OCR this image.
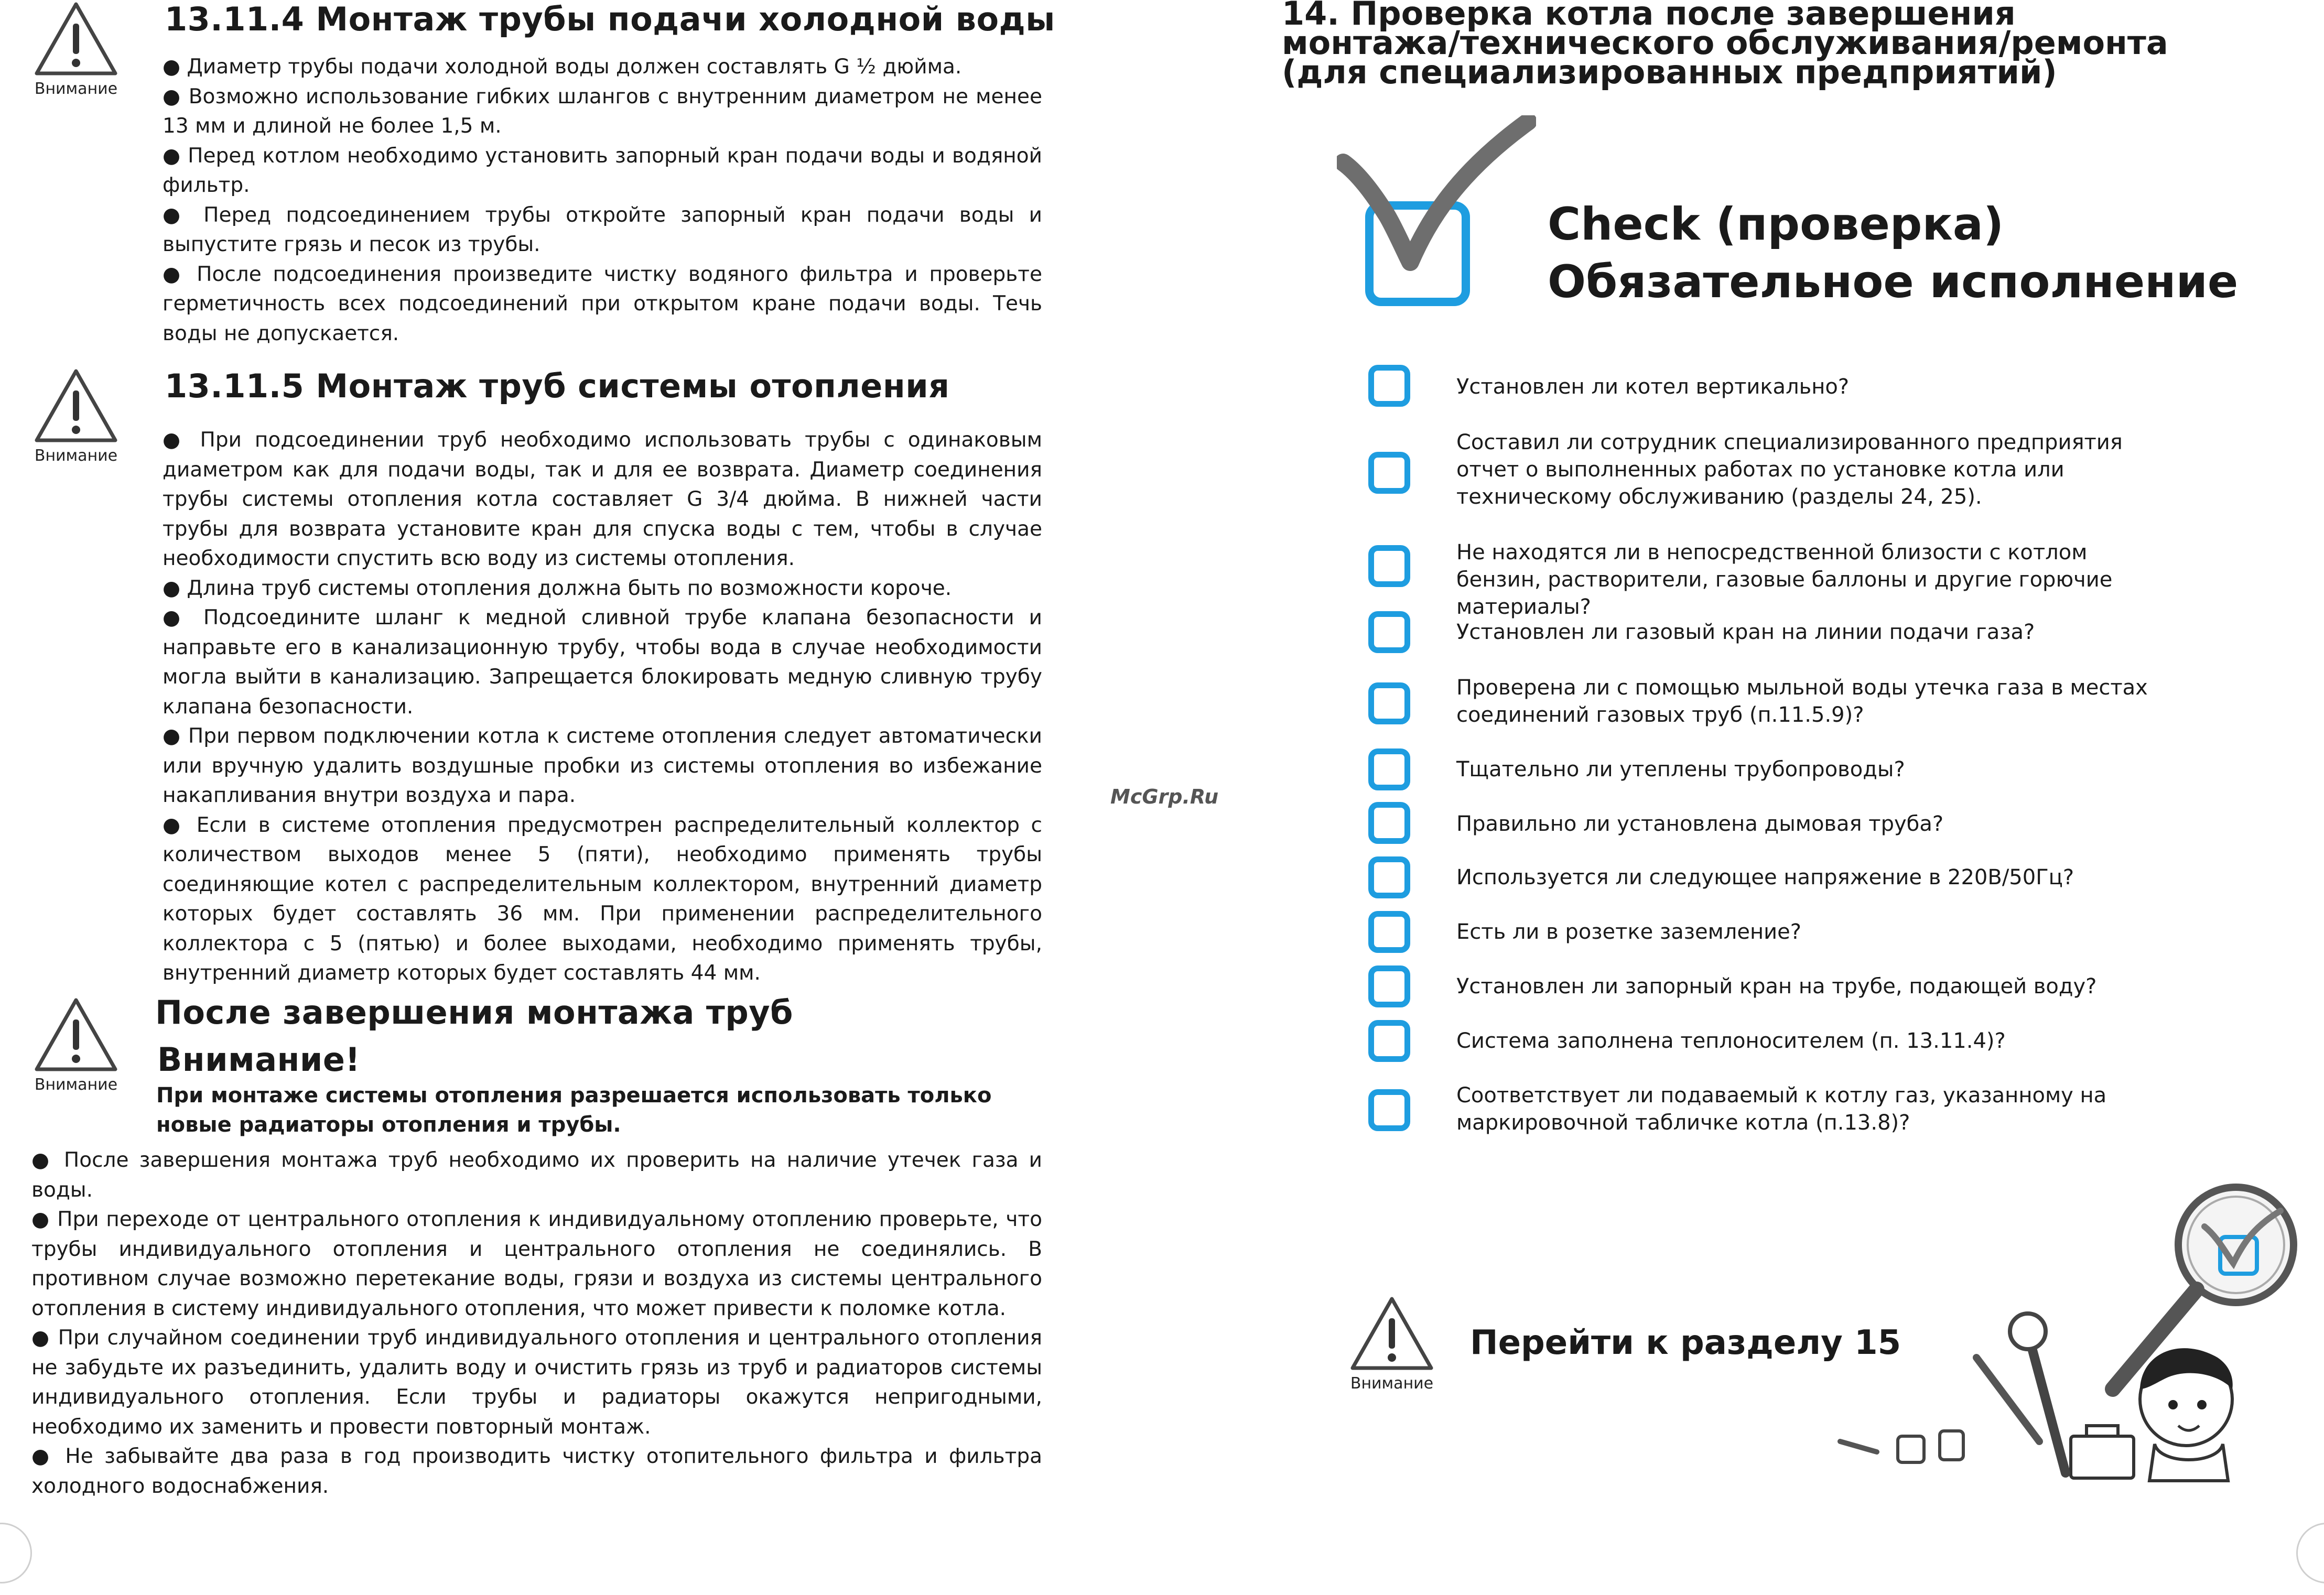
Внимание
13.11.4 Монтаж трубы подачи холодной воды

● Диаметр трубы подачи холодной воды должен составлять G ½ дюйма.

● Возможно использование гибких шлангов с внутренним диаметром не менее 13 мм и длиной не более 1,5 м.

● Перед котлом необходимо установить запорный кран подачи воды и водяной фильтр.

● Перед подсоединением трубы откройте запорный кран подачи воды и выпустите грязь и песок из трубы.

● После подсоединения произведите чистку водяного фильтра и проверьте герметичность всех подсоединений при открытом кране подачи воды. Течь воды не допускается.

Внимание
13.11.5 Монтаж труб системы отопления

● При подсоединении труб необходимо использовать трубы с одинаковым диаметром как для подачи воды, так и для ее возврата. Диаметр соединения трубы системы отопления котла составляет G 3/4 дюйма. В нижней части трубы для возврата установите кран для спуска воды с тем, чтобы в случае необходимости спустить всю воду из системы отопления.

● Длина труб системы отопления должна быть по возможности короче.

● Подсоедините шланг к медной сливной трубе клапана безопасности и направьте его в канализационную трубу, чтобы вода в случае необходимости могла выйти в канализацию. Запрещается блокировать медную сливную трубу клапана безопасности.

● При первом подключении котла к системе отопления следует автоматически или вручную удалить воздушные пробки из системы отопления во избежание накапливания внутри воздуха и пара.

● Если в системе отопления предусмотрен распределительный коллектор с количеством выходов менее 5 (пяти), необходимо применять трубы соединяющие котел с распределительным коллектором, внутренний диаметр которых будет составлять 36 мм. При применении распределительного коллектора с 5 (пятью) и более выходами, необходимо применять трубы, внутренний диаметр которых будет составлять 44 мм.

Внимание
После завершения монтажа труб
Внимание!
При монтаже системы отопления разрешается использовать только новые радиаторы отопления и трубы.

● После завершения монтажа труб необходимо их проверить на наличие утечек газа и воды.

● При переходе от центрального отопления к индивидуальному отоплению проверьте, что трубы индивидуального отопления и центрального отопления не соединялись. В противном случае возможно перетекание воды, грязи и воздуха из системы центрального отопления в систему индивидуального отопления, что может привести к поломке котла.

● При случайном соединении труб индивидуального отопления и центрального отопления не забудьте их разъединить, удалить воду и очистить грязь из труб и радиаторов системы индивидуального отопления. Если трубы и радиаторы окажутся непригодными, необходимо их заменить и провести повторный монтаж.

● Не забывайте два раза в год производить чистку отопительного фильтра и фильтра холодного водоснабжения.

McGrp.Ru
14. Проверка котла после завершения
монтажа/технического обслуживания/ремонта
(для специализированных предприятий)
Check (проверка)
Обязательное исполнение
Установлен ли котел вертикально?
Составил ли сотрудник специализированного предприятия отчет о выполненных работах по установке котла или техническому обслуживанию (разделы 24, 25).
Не находятся ли в непосредственной близости с котлом бензин, растворители, газовые баллоны и другие горючие материалы?
Установлен ли газовый кран на линии подачи газа?
Проверена ли с помощью мыльной воды утечка газа в местах соединений газовых труб (п.11.5.9)?
Тщательно ли утеплены трубопроводы?
Правильно ли установлена дымовая труба?
Используется ли следующее напряжение в 220В/50Гц?
Есть ли в розетке заземление?
Установлен ли запорный кран на трубе, подающей воду?
Система заполнена теплоносителем (п. 13.11.4)?
Соответствует ли подаваемый к котлу газ, указанному на маркировочной табличке котла (п.13.8)?
Внимание
Перейти к разделу 15
